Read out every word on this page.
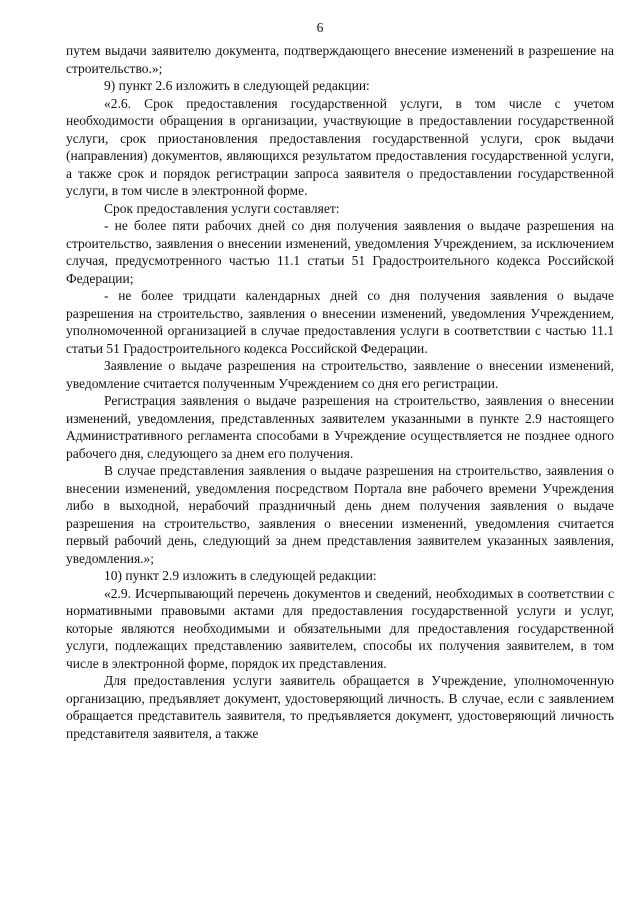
6

путем выдачи заявителю документа, подтверждающего внесение изменений в разрешение на строительство.»;

9) пункт 2.6 изложить в следующей редакции:

«2.6. Срок предоставления государственной услуги, в том числе с учетом необходимости обращения в организации, участвующие в предоставлении государственной услуги, срок приостановления предоставления государственной услуги, срок выдачи (направления) документов, являющихся результатом предоставления государственной услуги, а также срок и порядок регистрации запроса заявителя о предоставлении государственной услуги, в том числе в электронной форме.

Срок предоставления услуги составляет:

- не более пяти рабочих дней со дня получения заявления о выдаче разрешения на строительство, заявления о внесении изменений, уведомления Учреждением, за исключением случая, предусмотренного частью 11.1 статьи 51 Градостроительного кодекса Российской Федерации;

- не более тридцати календарных дней со дня получения заявления о выдаче разрешения на строительство, заявления о внесении изменений, уведомления Учреждением, уполномоченной организацией в случае предоставления услуги в соответствии с частью 11.1 статьи 51 Градостроительного кодекса Российской Федерации.

Заявление о выдаче разрешения на строительство, заявление о внесении изменений, уведомление считается полученным Учреждением со дня его регистрации.

Регистрация заявления о выдаче разрешения на строительство, заявления о внесении изменений, уведомления, представленных заявителем указанными в пункте 2.9 настоящего Административного регламента способами в Учреждение осуществляется не позднее одного рабочего дня, следующего за днем его получения.

В случае представления заявления о выдаче разрешения на строительство, заявления о внесении изменений, уведомления посредством Портала вне рабочего времени Учреждения либо в выходной, нерабочий праздничный день днем получения заявления о выдаче разрешения на строительство, заявления о внесении изменений, уведомления считается первый рабочий день, следующий за днем представления заявителем указанных заявления, уведомления.»;

10) пункт 2.9 изложить в следующей редакции:

«2.9. Исчерпывающий перечень документов и сведений, необходимых в соответствии с нормативными правовыми актами для предоставления государственной услуги и услуг, которые являются необходимыми и обязательными для предоставления государственной услуги, подлежащих представлению заявителем, способы их получения заявителем, в том числе в электронной форме, порядок их представления.

Для предоставления услуги заявитель обращается в Учреждение, уполномоченную организацию, предъявляет документ, удостоверяющий личность. В случае, если с заявлением обращается представитель заявителя, то предъявляется документ, удостоверяющий личность представителя заявителя, а также
